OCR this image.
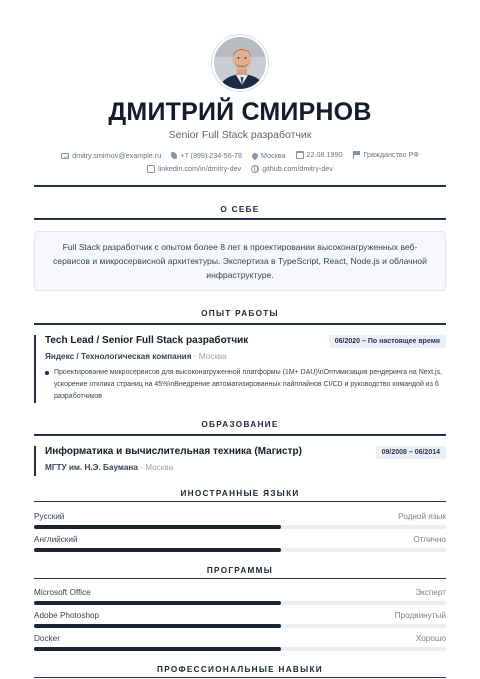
ДМИТРИЙ СМИРНОВ
Senior Full Stack разработчик
dmitry.smirnov@example.ru
	+7 (999) 234-56-78
	Москва
	22.08.1990
	Гражданство РФ
linkedin.com/in/dmitry-dev
	github.com/dmitry-dev
О СЕБЕ
Full Stack разработчик с опытом более 8 лет в проектировании высоконагруженных веб-сервисов и микросервисной архитектуры. Экспертиза в TypeScript, React, Node.js и облачной инфраструктуре.
ОПЫТ РАБОТЫ
Tech Lead / Senior Full Stack разработчик	06/2020 – По настоящее время
Яндекс / Технологическая компания · Москва
Проектирование микросервисов для высоконагруженной платформы (1M+ DAU)\nОптимизация рендеринга на Next.js, ускорение отклика страниц на 45%\nВнедрение автоматизированных пайплайнов CI/CD и руководство командой из 6 разработчиков
ОБРАЗОВАНИЕ
Информатика и вычислительная техника (Магистр)	09/2008 – 06/2014
МГТУ им. Н.Э. Баумана · Москва
ИНОСТРАННЫЕ ЯЗЫКИ
Русский	Родной язык
Английский	Отлично
ПРОГРАММЫ
Microsoft Office	Эксперт
Adobe Photoshop	Продвинутый
Docker	Хорошо
ПРОФЕССИОНАЛЬНЫЕ НАВЫКИ
